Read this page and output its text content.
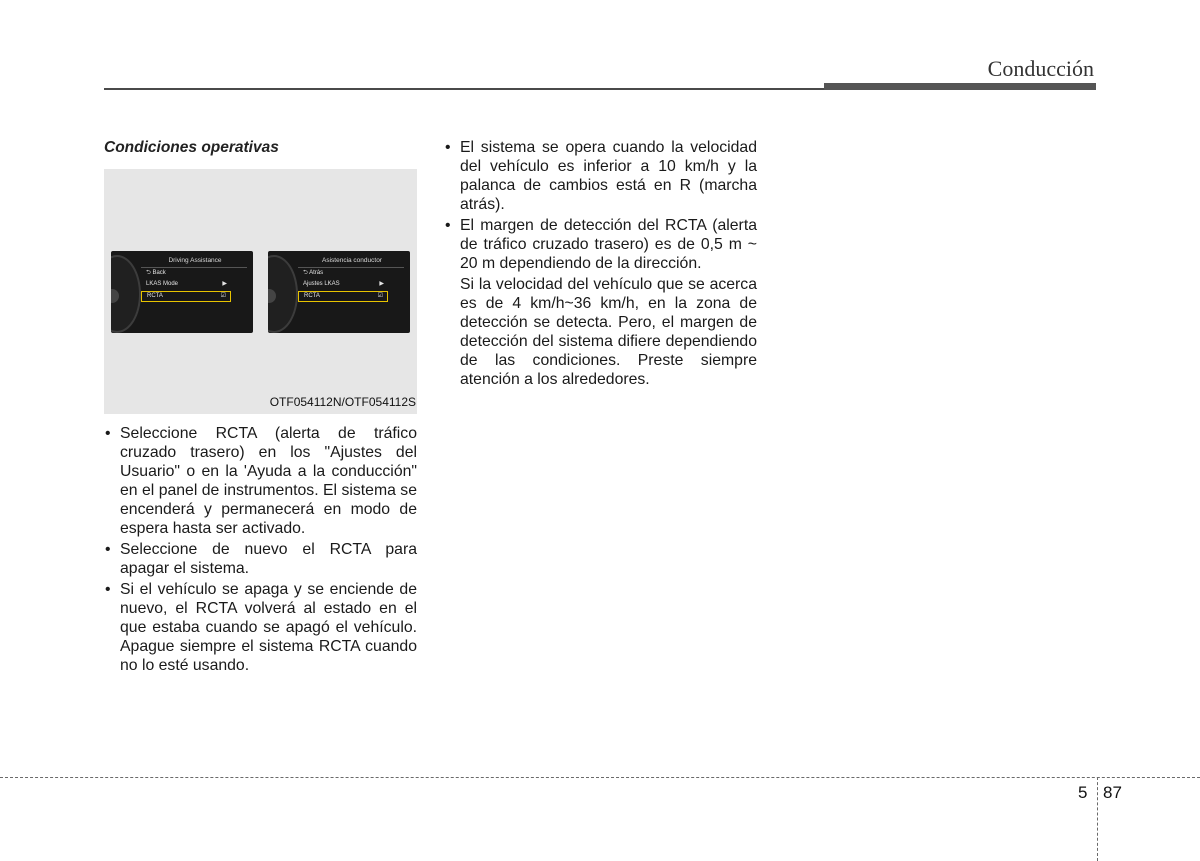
Conducción
Condiciones operativas
Driving Assistance
⮌ Back
LKAS Mode	▶
RCTA	☑
Asistencia conductor
⮌ Atrás
Ajustes LKAS	▶
RCTA	☑
OTF054112N/OTF054112S
• Seleccione RCTA (alerta de tráfico cruzado trasero) en los "Ajustes del Usuario" o en la 'Ayuda a la conducción" en el panel de instrumentos. El sistema se encenderá y permanecerá en modo de espera hasta ser activado.
• Seleccione de nuevo el RCTA para apagar el sistema.
• Si el vehículo se apaga y se enciende de nuevo, el RCTA volverá al estado en el que estaba cuando se apagó el vehículo. Apague siempre el sistema RCTA cuando no lo esté usando.
• El sistema se opera cuando la velocidad del vehículo es inferior a 10 km/h y la palanca de cambios está en R (marcha atrás).
• El margen de detección del RCTA (alerta de tráfico cruzado trasero) es de 0,5 m ~ 20 m dependiendo de la dirección.
Si la velocidad del vehículo que se acerca es de 4 km/h~36 km/h, en la zona de detección se detecta. Pero, el margen de detección del sistema difiere dependiendo de las condiciones. Preste siempre atención a los alrededores.
5 87
